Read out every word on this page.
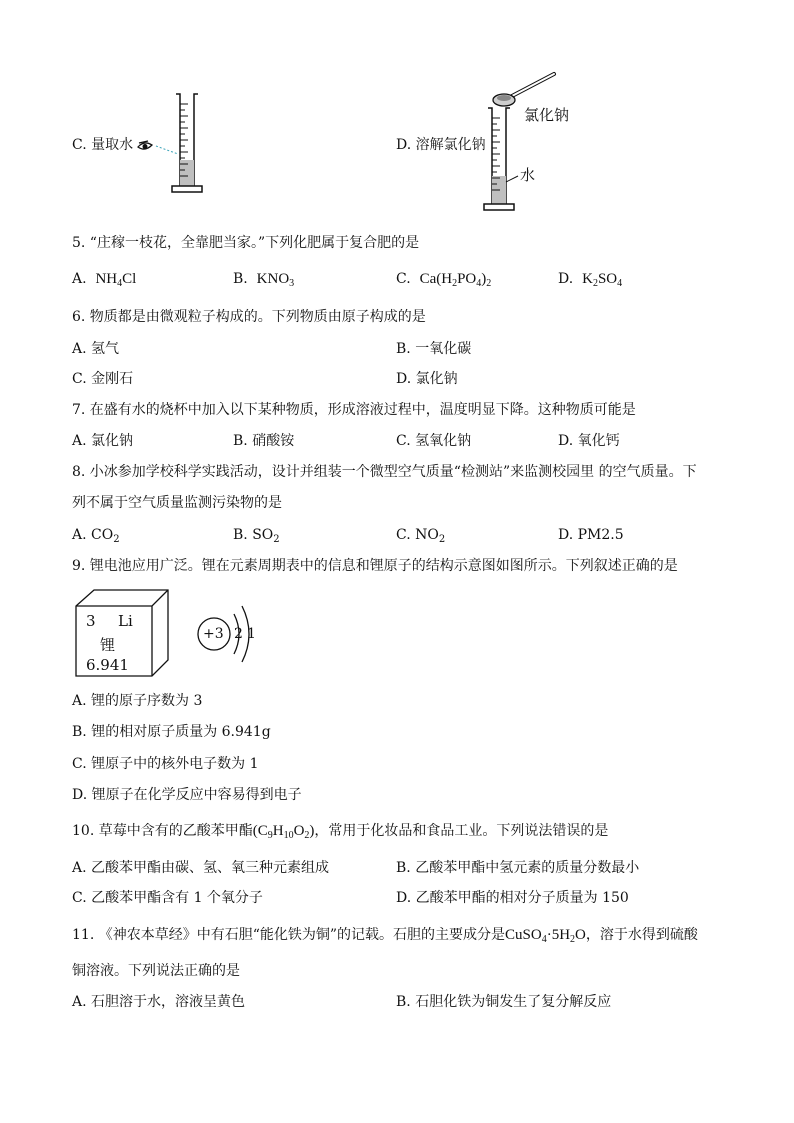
C. 量取水	D. 溶解氯化钠
氯化钠
水
5. “庄稼一枝花，全靠肥当家。”下列化肥属于复合肥的是
A. $NH_4Cl$	B. $KNO_3$	C. $Ca(H_2PO_4)_2$	D. $K_2SO_4$
6. 物质都是由微观粒子构成的。下列物质由原子构成的是
A. 氢气	B. 一氧化碳
C. 金刚石	D. 氯化钠
7. 在盛有水的烧杯中加入以下某种物质，形成溶液过程中，温度明显下降。这种物质可能是
A. 氯化钠	B. 硝酸铵	C. 氢氧化钠	D. 氧化钙
8. 小冰参加学校科学实践活动，设计并组装一个微型空气质量“检测站”来监测校园里 的空气质量。下
列不属于空气质量监测污染物的是
A. $CO_2$	B. $SO_2$	C. $NO_2$	D. PM2.5
9. 锂电池应用广泛。锂在元素周期表中的信息和锂原子的结构示意图如图所示。下列叙述正确的是
3 Li
锂
6.941
+3 2 1
A. 锂的原子序数为 3
B. 锂的相对原子质量为 6.941g
C. 锂原子中的核外电子数为 1
D. 锂原子在化学反应中容易得到电子
10. 草莓中含有的乙酸苯甲酯$(C_9H_{10}O_2)$，常用于化妆品和食品工业。下列说法错误的是
A. 乙酸苯甲酯由碳、氢、氧三种元素组成	B. 乙酸苯甲酯中氢元素的质量分数最小
C. 乙酸苯甲酯含有 1 个氧分子	D. 乙酸苯甲酯的相对分子质量为 150
11. 《神农本草经》中有石胆“能化铁为铜”的记载。石胆的主要成分是$CuSO_4\cdot 5H_2O$，溶于水得到硫酸
铜溶液。下列说法正确的是
A. 石胆溶于水，溶液呈黄色	B. 石胆化铁为铜发生了复分解反应
